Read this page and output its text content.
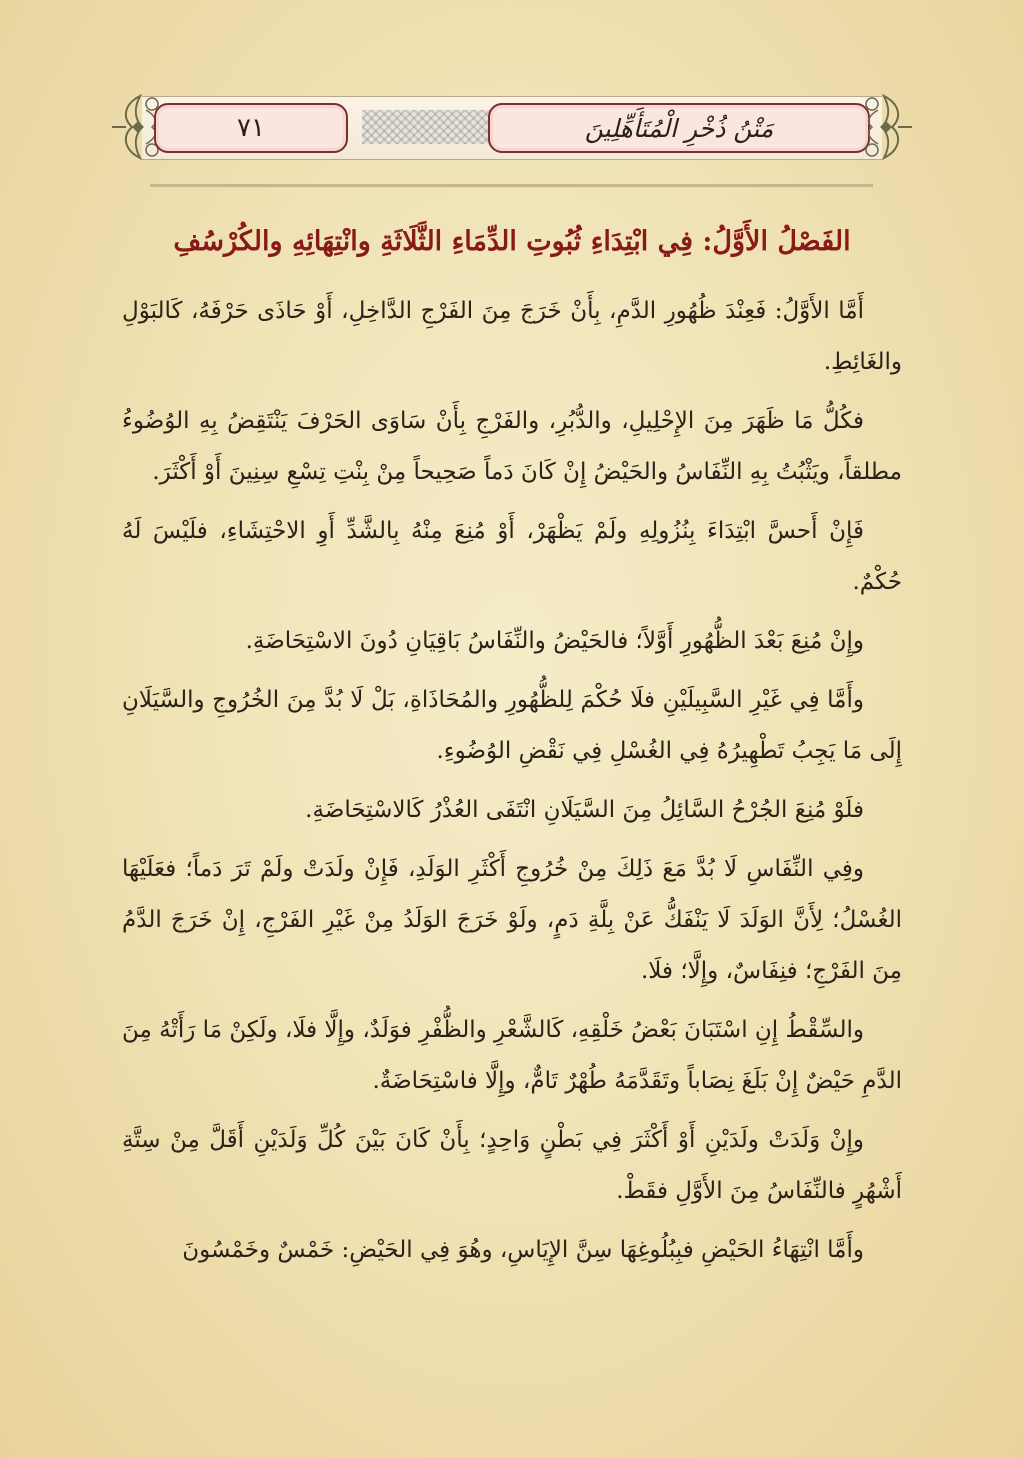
٧١	مَتْنُ ذُخْرِ الْمُتَأَهِّلِينَ
الفَصْلُ الأَوَّلُ: فِي ابْتِدَاءِ ثُبُوتِ الدِّمَاءِ الثَّلَاثَةِ وانْتِهَائِهِ والكُرْسُفِ

أَمَّا الأَوَّلُ: فَعِنْدَ ظُهُورِ الدَّمِ، بِأَنْ خَرَجَ مِنَ الفَرْجِ الدَّاخِلِ، أَوْ حَاذَى حَرْفَهُ، كَالبَوْلِ والغَائِطِ.

فكُلُّ مَا ظَهَرَ مِنَ الإِحْلِيلِ، والدُّبُرِ، والفَرْجِ بِأَنْ سَاوَى الحَرْفَ يَنْتَقِضُ بِهِ الوُضُوءُ مطلقاً، ويَثْبُتُ بِهِ النِّفَاسُ والحَيْضُ إِنْ كَانَ دَماً صَحِيحاً مِنْ بِنْتِ تِسْعِ سِنِينَ أَوْ أَكْثَرَ.

فَإِنْ أَحسَّ ابْتِدَاءَ بِنُزُولِهِ ولَمْ يَظْهَرْ، أَوْ مُنِعَ مِنْهُ بِالشَّدِّ أَوِ الاحْتِشَاءِ، فلَيْسَ لَهُ حُكْمٌ.

وإِنْ مُنِعَ بَعْدَ الظُّهُورِ أَوَّلاً؛ فالحَيْضُ والنِّفَاسُ بَاقِيَانِ دُونَ الاسْتِحَاضَةِ.

وأَمَّا فِي غَيْرِ السَّبِيلَيْنِ فلَا حُكْمَ لِلظُّهُورِ والمُحَاذَاةِ، بَلْ لَا بُدَّ مِنَ الخُرُوجِ والسَّيَلَانِ إِلَى مَا يَجِبُ تَطْهِيرُهُ فِي الغُسْلِ فِي نَقْضِ الوُضُوءِ.

فلَوْ مُنِعَ الجُرْحُ السَّائِلُ مِنَ السَّيَلَانِ انْتَفَى العُذْرُ كَالاسْتِحَاضَةِ.

وفِي النِّفَاسِ لَا بُدَّ مَعَ ذَلِكَ مِنْ خُرُوجِ أَكْثَرِ الوَلَدِ، فَإِنْ ولَدَتْ ولَمْ تَرَ دَماً؛ فعَلَيْهَا الغُسْلُ؛ لِأَنَّ الوَلَدَ لَا يَنْفَكُّ عَنْ بِلَّةِ دَمٍ، ولَوْ خَرَجَ الوَلَدُ مِنْ غَيْرِ الفَرْجِ، إِنْ خَرَجَ الدَّمُ مِنَ الفَرْجِ؛ فنِفَاسٌ، وإِلَّا؛ فلَا.

والسِّقْطُ إِنِ اسْتَبَانَ بَعْضُ خَلْقِهِ، كَالشَّعْرِ والظُّفْرِ فوَلَدٌ، وإِلَّا فلَا، ولَكِنْ مَا رَأَتْهُ مِنَ الدَّمِ حَيْضٌ إِنْ بَلَغَ نِصَاباً وتَقَدَّمَهُ طُهْرٌ تَامٌّ، وإِلَّا فاسْتِحَاضَةٌ.

وإِنْ وَلَدَتْ ولَدَيْنِ أَوْ أَكْثَرَ فِي بَطْنٍ وَاحِدٍ؛ بِأَنْ كَانَ بَيْنَ كُلِّ وَلَدَيْنِ أَقَلَّ مِنْ سِتَّةِ أَشْهُرٍ فالنِّفَاسُ مِنَ الأَوَّلِ فقَطْ.

وأَمَّا انْتِهَاءُ الحَيْضِ فبِبُلُوغِهَا سِنَّ الإِيَاسِ، وهُوَ فِي الحَيْضِ: خَمْسٌ وخَمْسُونَ
